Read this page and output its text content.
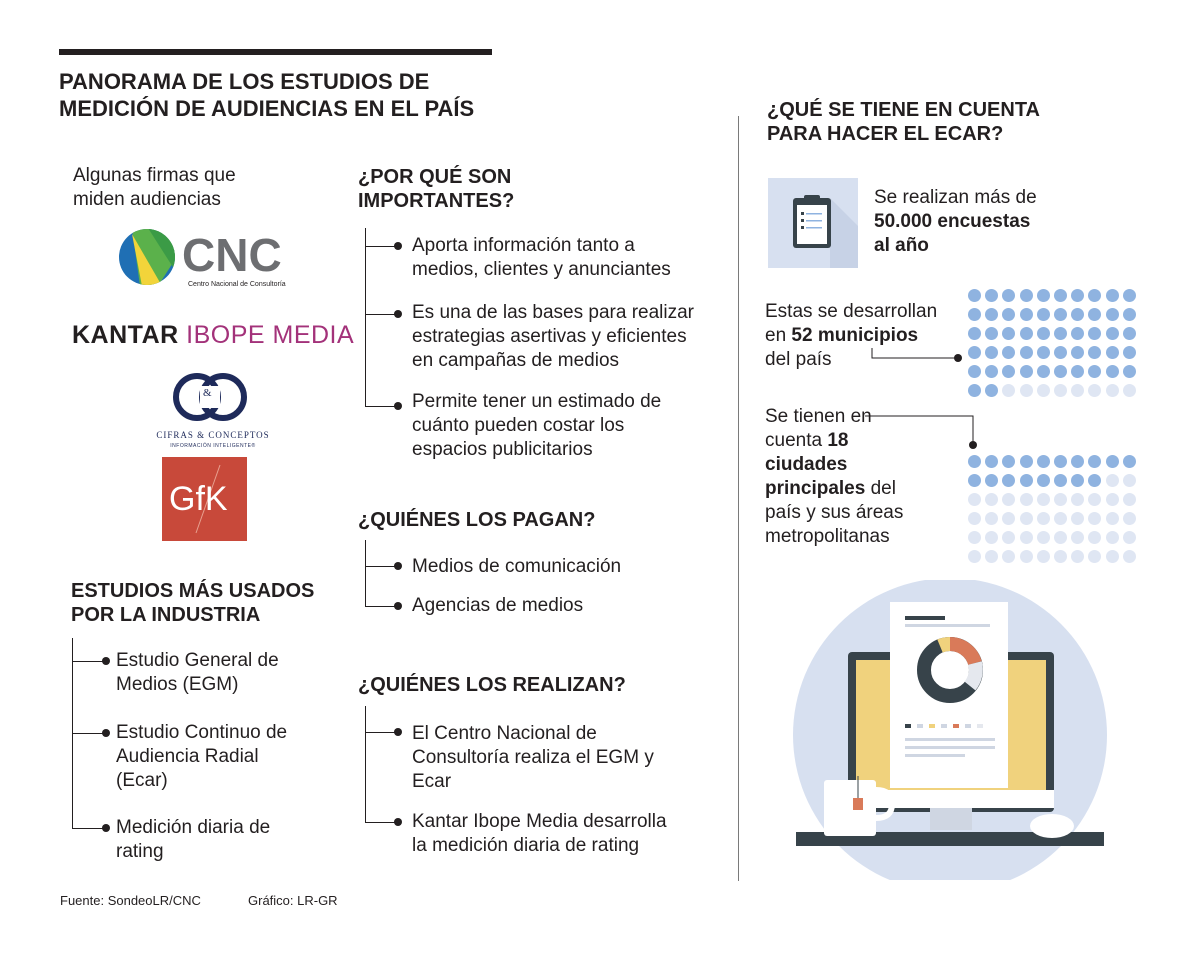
PANORAMA DE LOS ESTUDIOS DE
MEDICIÓN DE AUDIENCIAS EN EL PAÍS
Algunas firmas que
miden audiencias
CNC
Centro Nacional de Consultoría
KANTAR IBOPE MEDIA
&
CIFRAS & CONCEPTOS
INFORMACIÓN INTELIGENTE®
GfK
ESTUDIOS MÁS USADOS
POR LA INDUSTRIA
Estudio General de
Medios (EGM)
Estudio Continuo de
Audiencia Radial
(Ecar)
Medición diaria de
rating
¿POR QUÉ SON
IMPORTANTES?
Aporta información tanto a
medios, clientes y anunciantes
Es una de las bases para realizar
estrategias asertivas y eficientes
en campañas de medios
Permite tener un estimado de
cuánto pueden costar los
espacios publicitarios
¿QUIÉNES LOS PAGAN?
Medios de comunicación
Agencias de medios
¿QUIÉNES LOS REALIZAN?
El Centro Nacional de
Consultoría realiza el EGM y
Ecar
Kantar Ibope Media desarrolla
la medición diaria de rating
¿QUÉ SE TIENE EN CUENTA
PARA HACER EL ECAR?
Se realizan más de
50.000 encuestas
al año
Estas se desarrollan
en 52 municipios
del país
Se tienen en
cuenta 18
ciudades
principales del
país y sus áreas
metropolitanas
Fuente: SondeoLR/CNC	Gráfico: LR-GR
